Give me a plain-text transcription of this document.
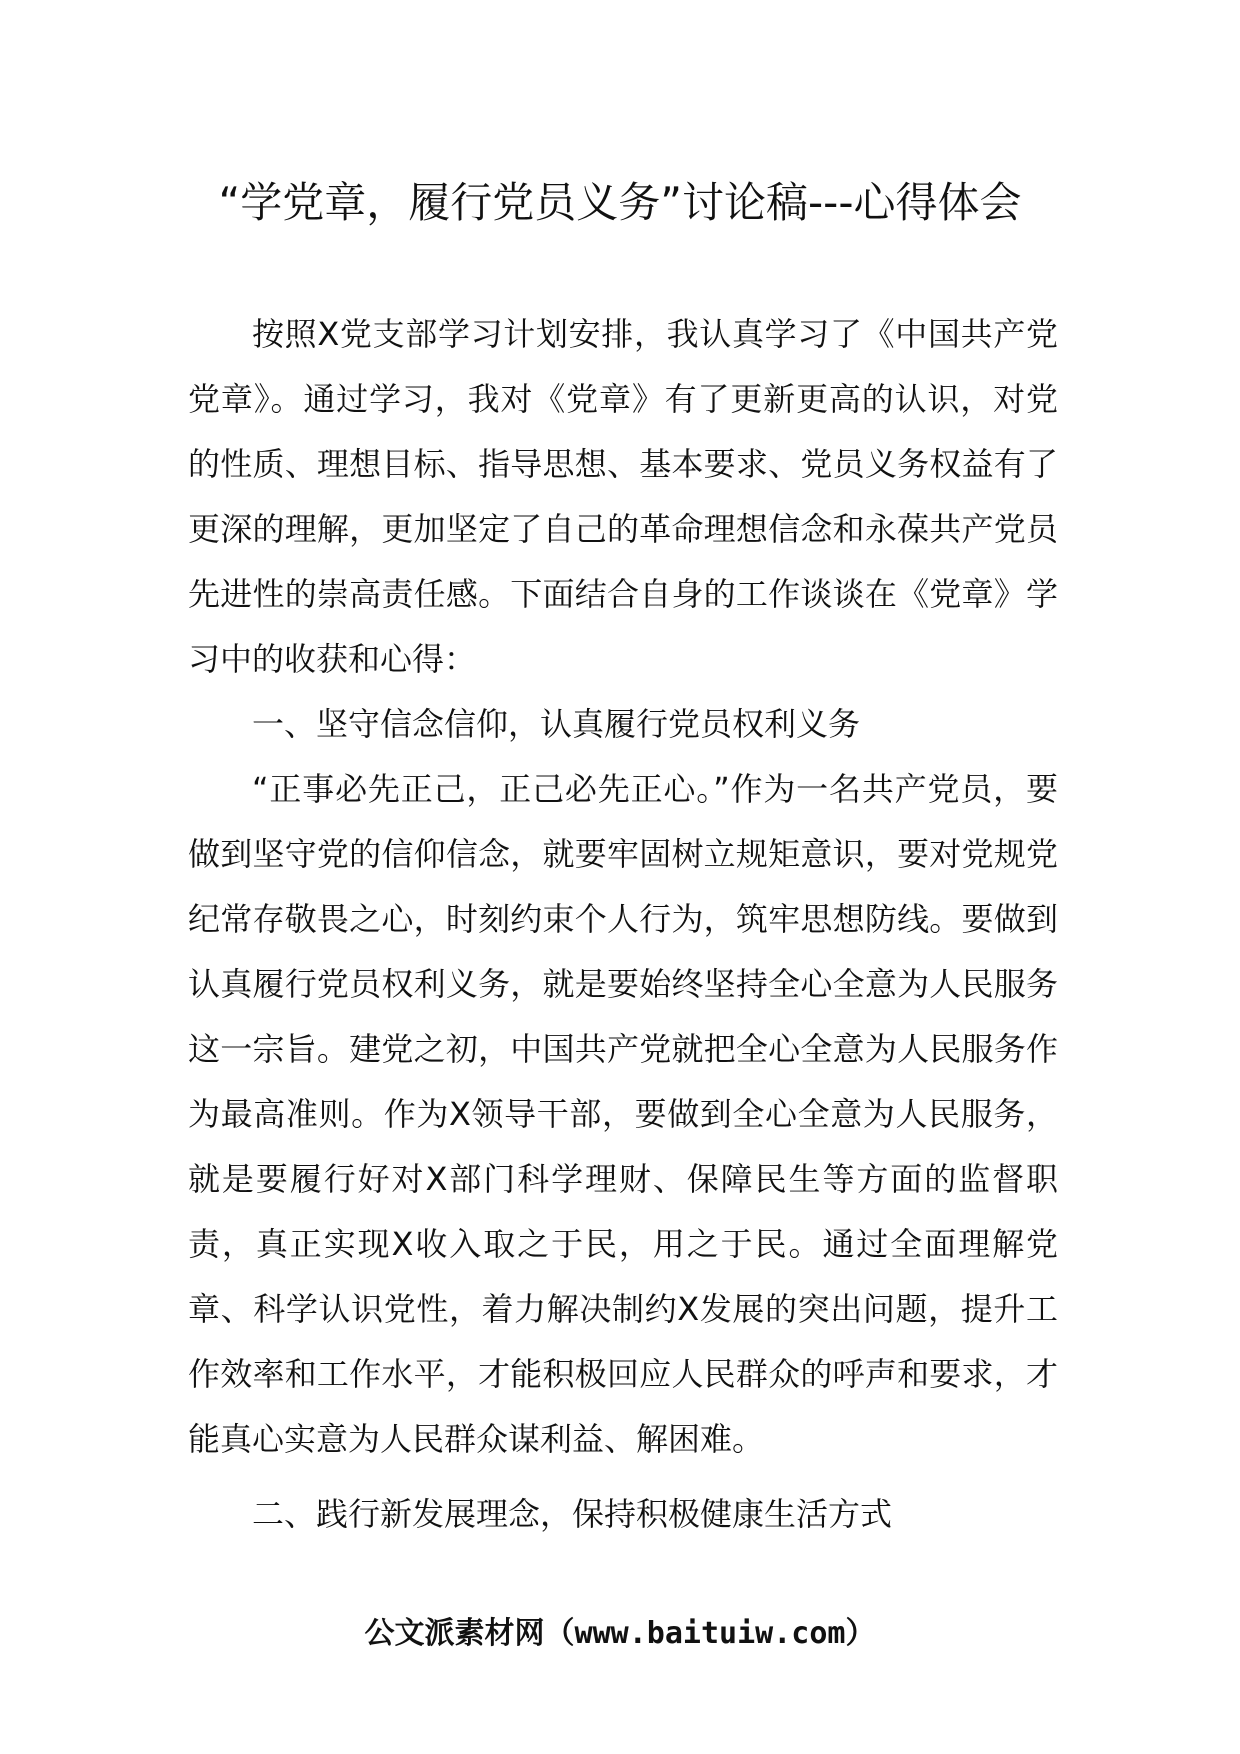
“学党章，履行党员义务”讨论稿---心得体会

按照X党支部学习计划安排，我认真学习了《中国共产党党章》。通过学习，我对《党章》有了更新更高的认识，对党的性质、理想目标、指导思想、基本要求、党员义务权益有了更深的理解，更加坚定了自己的革命理想信念和永葆共产党员先进性的崇高责任感。下面结合自身的工作谈谈在《党章》学习中的收获和心得：

一、坚守信念信仰，认真履行党员权利义务

“正事必先正己，正己必先正心。”作为一名共产党员，要做到坚守党的信仰信念，就要牢固树立规矩意识，要对党规党纪常存敬畏之心，时刻约束个人行为，筑牢思想防线。要做到认真履行党员权利义务，就是要始终坚持全心全意为人民服务这一宗旨。建党之初，中国共产党就把全心全意为人民服务作为最高准则。作为X领导干部，要做到全心全意为人民服务，就是要履行好对X部门科学理财、保障民生等方面的监督职责，真正实现X收入取之于民，用之于民。通过全面理解党章、科学认识党性，着力解决制约X发展的突出问题，提升工作效率和工作水平，才能积极回应人民群众的呼声和要求，才能真心实意为人民群众谋利益、解困难。

二、践行新发展理念，保持积极健康生活方式

公文派素材网（www.baituiw.com）
